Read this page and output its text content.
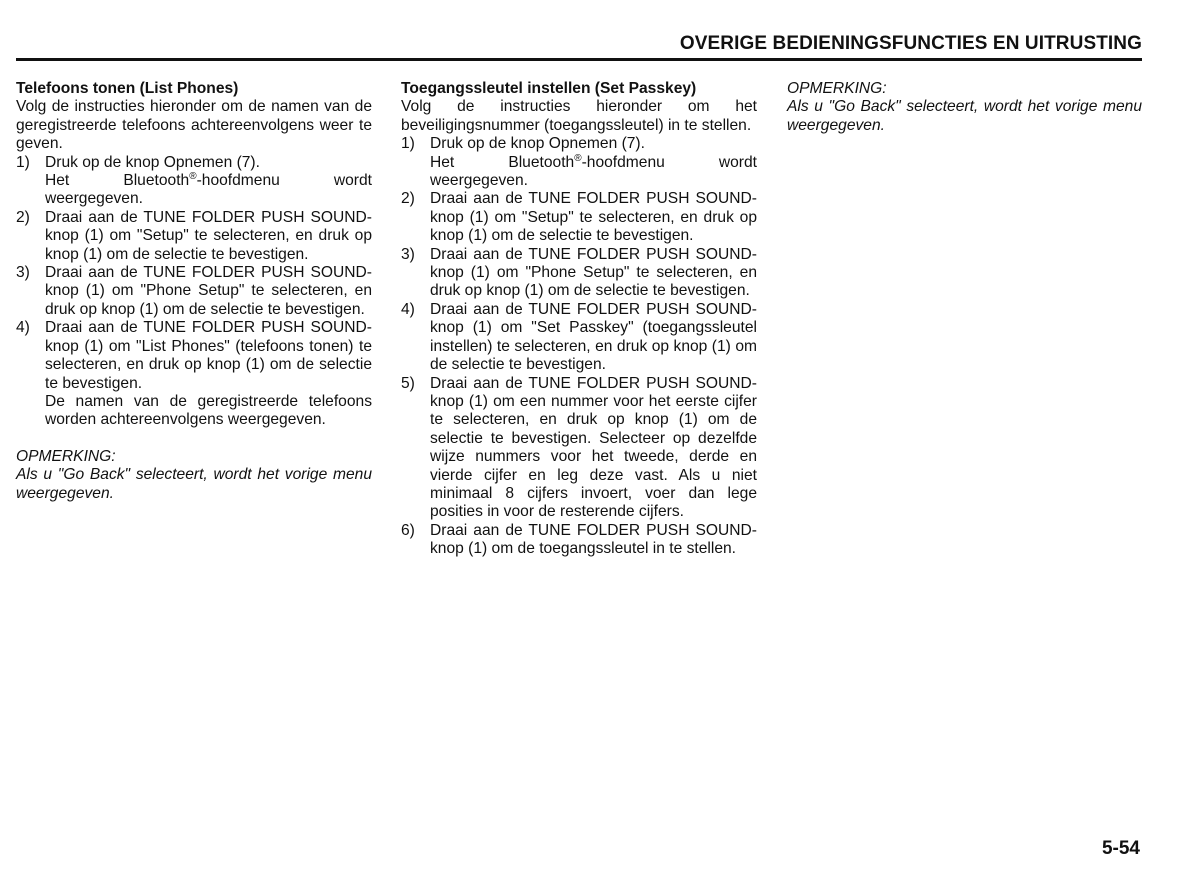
OVERIGE BEDIENINGSFUNCTIES EN UITRUSTING
Telefoons tonen (List Phones)
Volg de instructies hieronder om de namen van de geregistreerde telefoons achtereenvolgens weer te geven.
1) Druk op de knop Opnemen (7).
Het Bluetooth®-hoofdmenu wordt weergegeven.
2) Draai aan de TUNE FOLDER PUSH SOUND-knop (1) om "Setup" te selecteren, en druk op knop (1) om de selectie te bevestigen.
3) Draai aan de TUNE FOLDER PUSH SOUND-knop (1) om "Phone Setup" te selecteren, en druk op knop (1) om de selectie te bevestigen.
4) Draai aan de TUNE FOLDER PUSH SOUND-knop (1) om "List Phones" (telefoons tonen) te selecteren, en druk op knop (1) om de selectie te bevestigen.
De namen van de geregistreerde telefoons worden achtereenvolgens weergegeven.
OPMERKING:
Als u "Go Back" selecteert, wordt het vorige menu weergegeven.
Toegangssleutel instellen (Set Passkey)
Volg de instructies hieronder om het beveiligingsnummer (toegangssleutel) in te stellen.
1) Druk op de knop Opnemen (7).
Het Bluetooth®-hoofdmenu wordt weergegeven.
2) Draai aan de TUNE FOLDER PUSH SOUND-knop (1) om "Setup" te selecteren, en druk op knop (1) om de selectie te bevestigen.
3) Draai aan de TUNE FOLDER PUSH SOUND-knop (1) om "Phone Setup" te selecteren, en druk op knop (1) om de selectie te bevestigen.
4) Draai aan de TUNE FOLDER PUSH SOUND-knop (1) om "Set Passkey" (toegangssleutel instellen) te selecteren, en druk op knop (1) om de selectie te bevestigen.
5) Draai aan de TUNE FOLDER PUSH SOUND-knop (1) om een nummer voor het eerste cijfer te selecteren, en druk op knop (1) om de selectie te bevestigen. Selecteer op dezelfde wijze nummers voor het tweede, derde en vierde cijfer en leg deze vast. Als u niet minimaal 8 cijfers invoert, voer dan lege posities in voor de resterende cijfers.
6) Draai aan de TUNE FOLDER PUSH SOUND-knop (1) om de toegangssleutel in te stellen.
OPMERKING:
Als u "Go Back" selecteert, wordt het vorige menu weergegeven.
5-54
